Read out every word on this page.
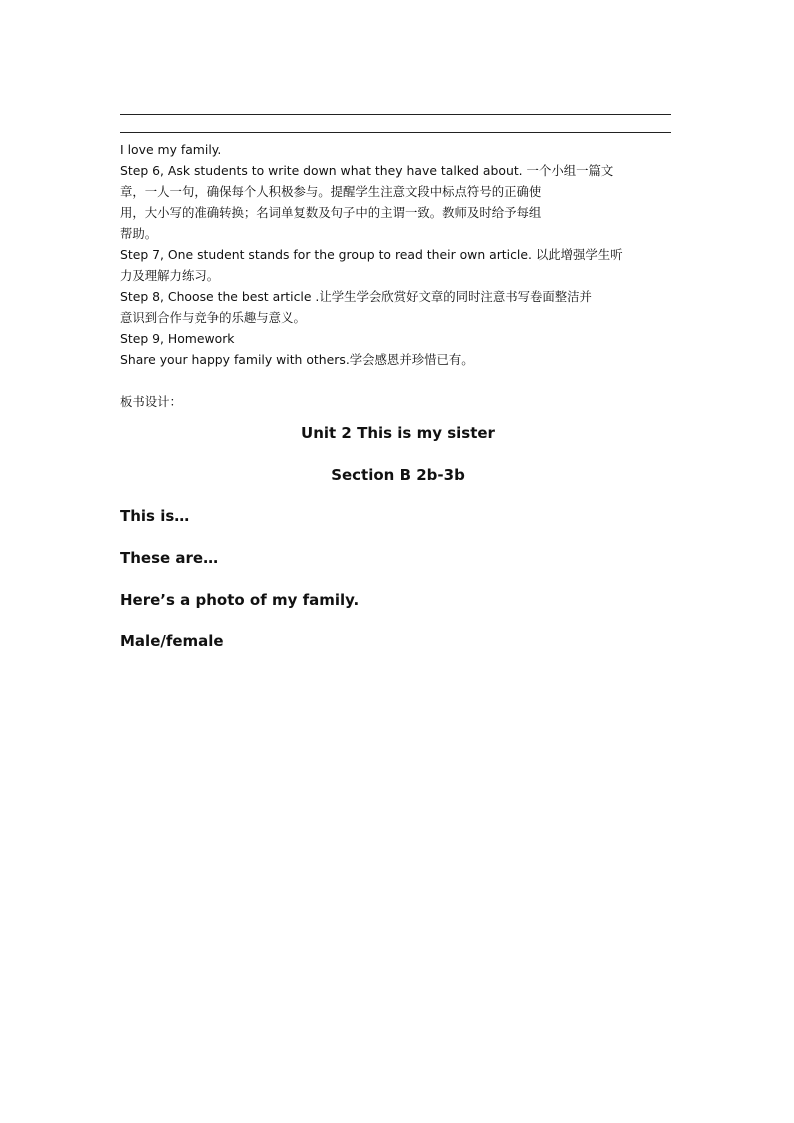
I love my family.

Step 6, Ask students to write down what they have talked about. 一个小组一篇文

章，一人一句，确保每个人积极参与。提醒学生注意文段中标点符号的正确使

用，大小写的准确转换；名词单复数及句子中的主谓一致。教师及时给予每组

帮助。

Step 7, One student stands for the group to read their own article. 以此增强学生听

力及理解力练习。

Step 8, Choose the best article .让学生学会欣赏好文章的同时注意书写卷面整洁并

意识到合作与竞争的乐趣与意义。

Step 9, Homework

Share your happy family with others.学会感恩并珍惜已有。

板书设计：

Unit 2 This is my sister

Section B 2b-3b

This is…

These are…

Here’s a photo of my family.

Male/female
